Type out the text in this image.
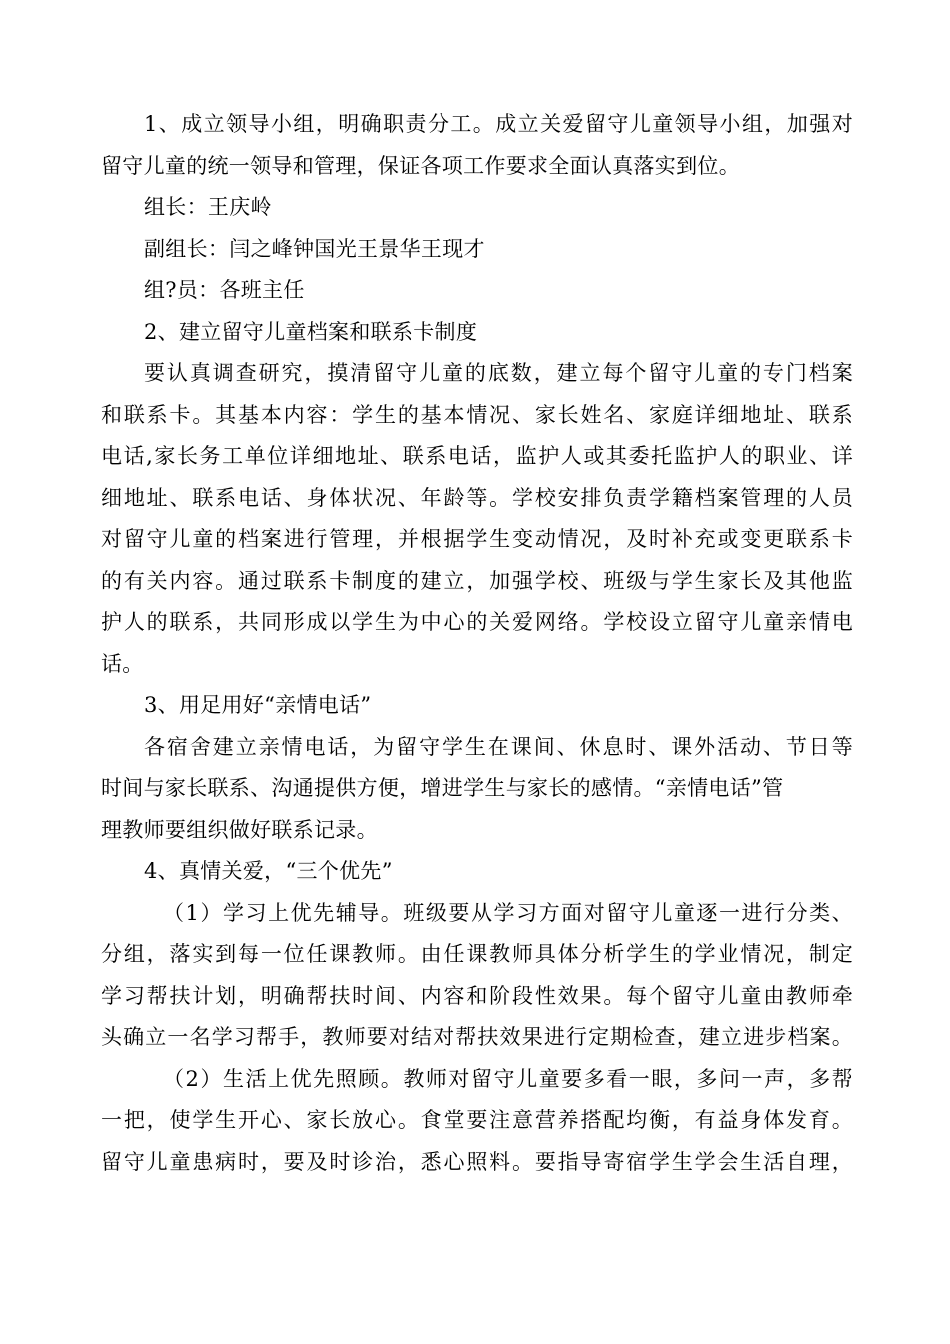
1、成立领导小组，明确职责分工。成立关爱留守儿童领导小组，加强对
留守儿童的统一领导和管理，保证各项工作要求全面认真落实到位。
组长：王庆岭
副组长：闫之峰钟国光王景华王现才
组?员：各班主任
2、建立留守儿童档案和联系卡制度
要认真调查研究，摸清留守儿童的底数，建立每个留守儿童的专门档案
和联系卡。其基本内容：学生的基本情况、家长姓名、家庭详细地址、联系
电话,家长务工单位详细地址、联系电话，监护人或其委托监护人的职业、详
细地址、联系电话、身体状况、年龄等。学校安排负责学籍档案管理的人员
对留守儿童的档案进行管理，并根据学生变动情况，及时补充或变更联系卡
的有关内容。通过联系卡制度的建立，加强学校、班级与学生家长及其他监
护人的联系，共同形成以学生为中心的关爱网络。学校设立留守儿童亲情电
话。
3、用足用好“亲情电话”
各宿舍建立亲情电话，为留守学生在课间、休息时、课外活动、节日等
时间与家长联系、沟通提供方便，增进学生与家长的感情。“亲情电话”管
理教师要组织做好联系记录。
4、真情关爱，“三个优先”
（1）学习上优先辅导。班级要从学习方面对留守儿童逐一进行分类、
分组，落实到每一位任课教师。由任课教师具体分析学生的学业情况，制定
学习帮扶计划，明确帮扶时间、内容和阶段性效果。每个留守儿童由教师牵
头确立一名学习帮手，教师要对结对帮扶效果进行定期检查，建立进步档案。
（2）生活上优先照顾。教师对留守儿童要多看一眼，多问一声，多帮
一把，使学生开心、家长放心。食堂要注意营养搭配均衡，有益身体发育。
留守儿童患病时，要及时诊治，悉心照料。要指导寄宿学生学会生活自理，
